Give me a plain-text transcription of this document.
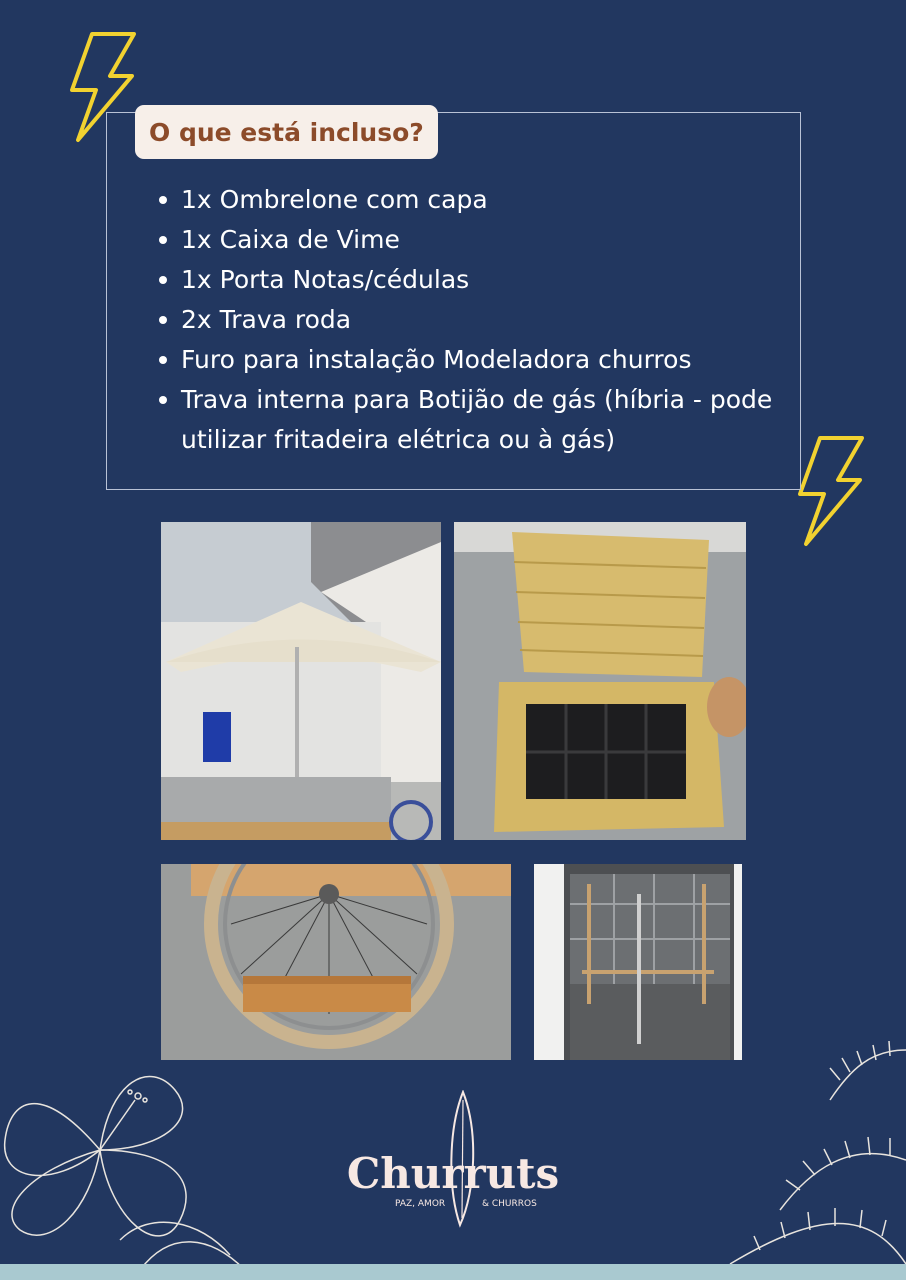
O que está incluso?
1x Ombrelone com capa
1x Caixa de Vime
1x Porta Notas/cédulas
2x Trava roda
Furo para instalação Modeladora churros
Trava interna para Botijão de gás (híbria - pode utilizar fritadeira elétrica ou à gás)
Churruts
PAZ, AMOR	& CHURROS
